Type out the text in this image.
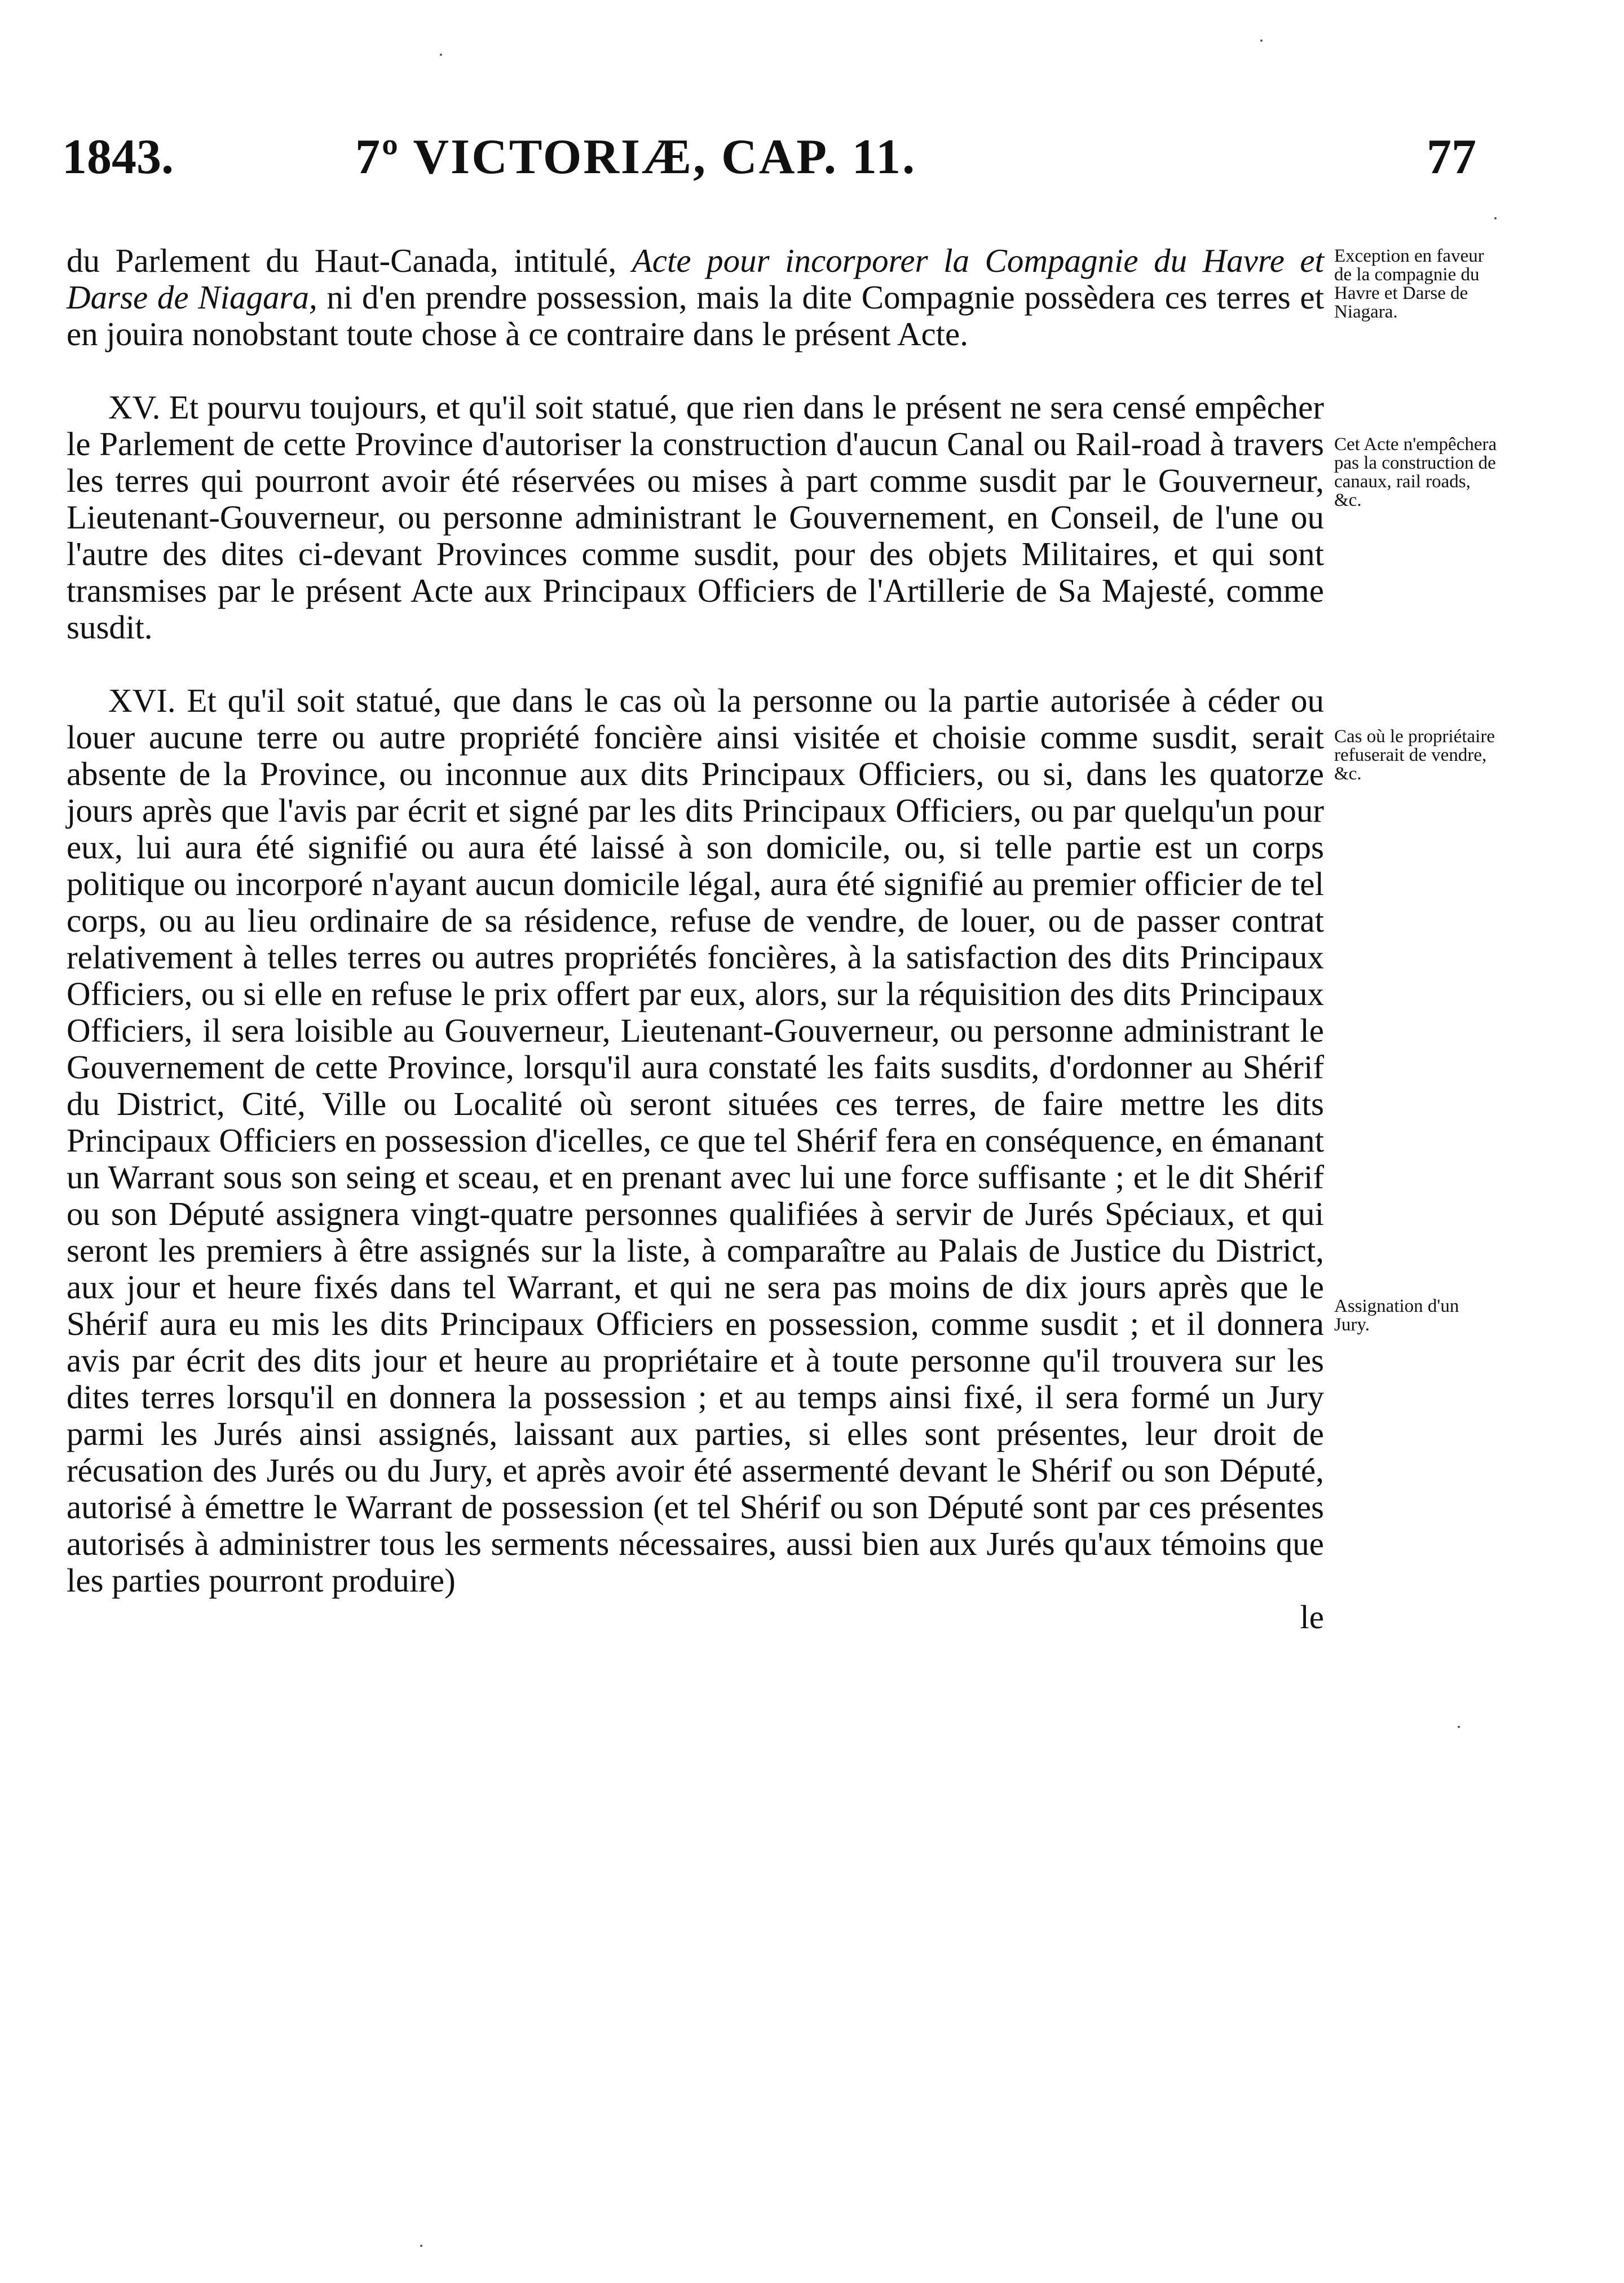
1843.	7º VICTORIÆ, CAP. 11.	77

du Parlement du Haut-Canada, intitulé, Acte pour incorporer la Compagnie du Havre et Darse de Niagara, ni d'en prendre possession, mais la dite Compagnie possèdera ces terres et en jouira nonobstant toute chose à ce contraire dans le présent Acte.

XV. Et pourvu toujours, et qu'il soit statué, que rien dans le présent ne sera censé empêcher le Parlement de cette Province d'autoriser la construction d'aucun Canal ou Rail-road à travers les terres qui pourront avoir été réservées ou mises à part comme susdit par le Gouverneur, Lieutenant-Gouverneur, ou personne administrant le Gouvernement, en Conseil, de l'une ou l'autre des dites ci-devant Provinces comme susdit, pour des objets Militaires, et qui sont transmises par le présent Acte aux Principaux Officiers de l'Artillerie de Sa Majesté, comme susdit.

XVI. Et qu'il soit statué, que dans le cas où la personne ou la partie autorisée à céder ou louer aucune terre ou autre propriété foncière ainsi visitée et choisie comme susdit, serait absente de la Province, ou inconnue aux dits Principaux Officiers, ou si, dans les quatorze jours après que l'avis par écrit et signé par les dits Principaux Officiers, ou par quelqu'un pour eux, lui aura été signifié ou aura été laissé à son domicile, ou, si telle partie est un corps politique ou incorporé n'ayant aucun domicile légal, aura été signifié au premier officier de tel corps, ou au lieu ordinaire de sa résidence, refuse de vendre, de louer, ou de passer contrat relativement à telles terres ou autres propriétés foncières, à la satisfaction des dits Principaux Officiers, ou si elle en refuse le prix offert par eux, alors, sur la réquisition des dits Principaux Officiers, il sera loisible au Gouverneur, Lieutenant-Gouverneur, ou personne administrant le Gouvernement de cette Province, lorsqu'il aura constaté les faits susdits, d'ordonner au Shérif du District, Cité, Ville ou Localité où seront situées ces terres, de faire mettre les dits Principaux Officiers en possession d'icelles, ce que tel Shérif fera en conséquence, en émanant un Warrant sous son seing et sceau, et en prenant avec lui une force suffisante ; et le dit Shérif ou son Député assignera vingt-quatre personnes qualifiées à servir de Jurés Spéciaux, et qui seront les premiers à être assignés sur la liste, à comparaître au Palais de Justice du District, aux jour et heure fixés dans tel Warrant, et qui ne sera pas moins de dix jours après que le Shérif aura eu mis les dits Principaux Officiers en possession, comme susdit ; et il donnera avis par écrit des dits jour et heure au propriétaire et à toute personne qu'il trouvera sur les dites terres lorsqu'il en donnera la possession ; et au temps ainsi fixé, il sera formé un Jury parmi les Jurés ainsi assignés, laissant aux parties, si elles sont présentes, leur droit de récusation des Jurés ou du Jury, et après avoir été assermenté devant le Shérif ou son Député, autorisé à émettre le Warrant de possession (et tel Shérif ou son Député sont par ces présentes autorisés à administrer tous les serments nécessaires, aussi bien aux Jurés qu'aux témoins que les parties pourront produire)

le

Exception en faveur de la compagnie du Havre et Darse de Niagara.
Cet Acte n'empêchera pas la construction de canaux, rail roads, &c.
Cas où le propriétaire refuserait de vendre, &c.
Assignation d'un Jury.
